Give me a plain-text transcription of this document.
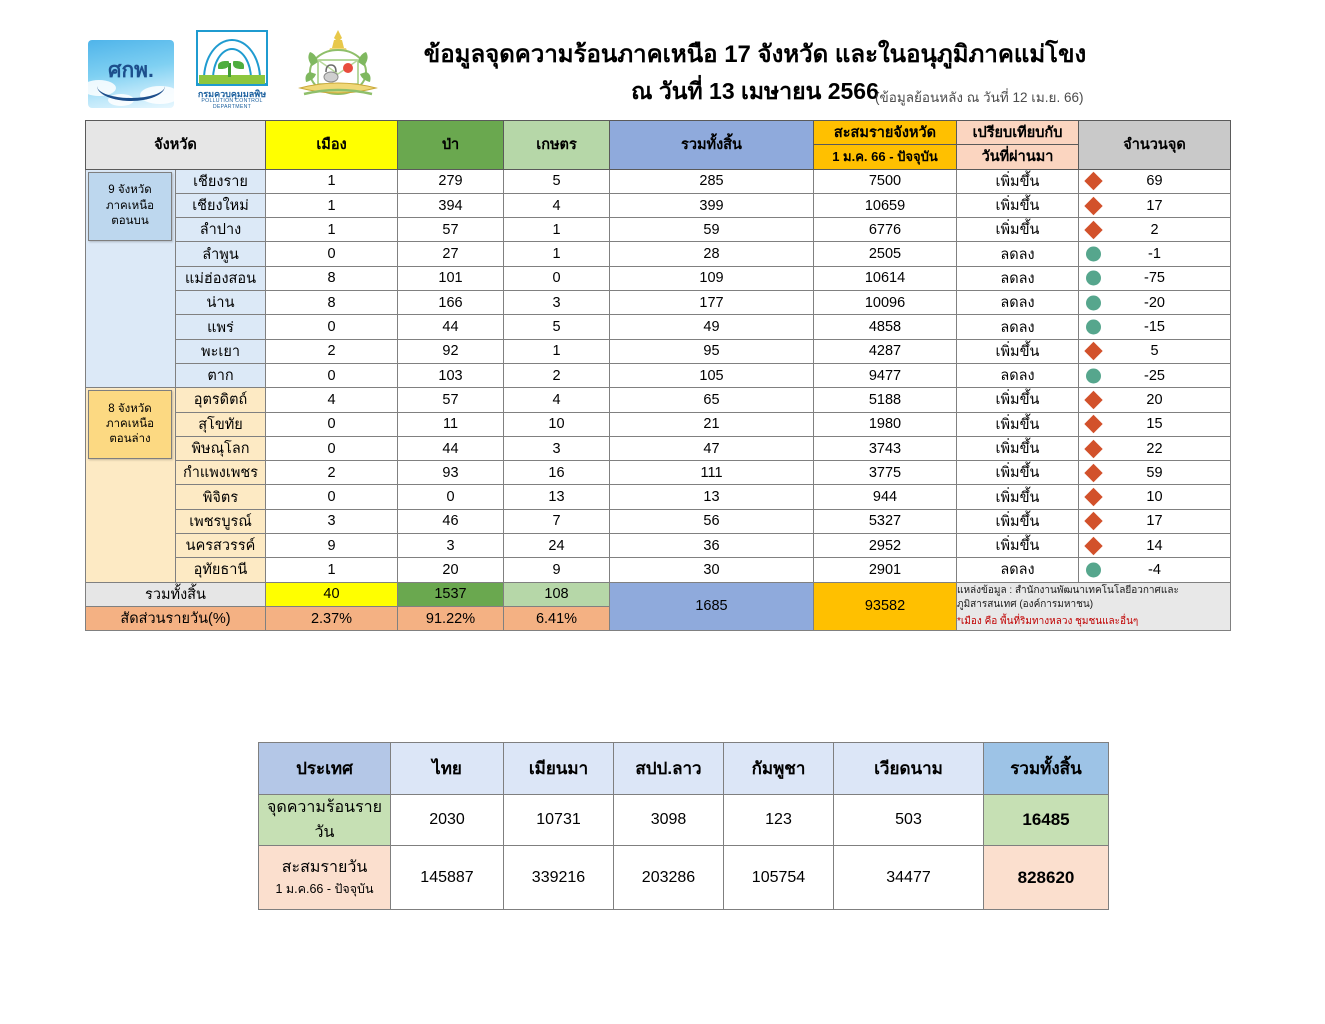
ศกพ.
กรมควบคุมมลพิษ
POLLUTION CONTROL DEPARTMENT
ข้อมูลจุดความร้อนภาคเหนือ 17 จังหวัด และในอนุภูมิภาคแม่โขง
ณ วันที่ 13 เมษายน 2566
(ข้อมูลย้อนหลัง ณ วันที่ 12 เม.ย. 66)
จังหวัด		เมือง	ป่า	เกษตร	รวมทั้งสิ้น	สะสมรายจังหวัด	เปรียบเทียบกับ	จำนวนจุด
						1 ม.ค. 66 - ปัจจุบัน	วันที่ผ่านมา	

9 จังหวัด
ภาคเหนือ
ตอนบน	เชียงราย	1	279	5	285	7500	เพิ่มขึ้น	69
	เชียงใหม่	1	394	4	399	10659	เพิ่มขึ้น	17
	ลำปาง	1	57	1	59	6776	เพิ่มขึ้น	2
	ลำพูน	0	27	1	28	2505	ลดลง	-1
	แม่ฮ่องสอน	8	101	0	109	10614	ลดลง	-75
	น่าน	8	166	3	177	10096	ลดลง	-20
	แพร่	0	44	5	49	4858	ลดลง	-15
	พะเยา	2	92	1	95	4287	เพิ่มขึ้น	5
	ตาก	0	103	2	105	9477	ลดลง	-25

8 จังหวัด
ภาคเหนือ
ตอนล่าง	อุตรดิตถ์	4	57	4	65	5188	เพิ่มขึ้น	20
	สุโขทัย	0	11	10	21	1980	เพิ่มขึ้น	15
	พิษณุโลก	0	44	3	47	3743	เพิ่มขึ้น	22
	กำแพงเพชร	2	93	16	111	3775	เพิ่มขึ้น	59
	พิจิตร	0	0	13	13	944	เพิ่มขึ้น	10
	เพชรบูรณ์	3	46	7	56	5327	เพิ่มขึ้น	17
	นครสวรรค์	9	3	24	36	2952	เพิ่มขึ้น	14
	อุทัยธานี	1	20	9	30	2901	ลดลง	-4
รวมทั้งสิ้น		40	1537	108	1685	93582	แหล่งข้อมูล : สำนักงานพัฒนาเทคโนโลยีอวกาศและ
ภูมิสารสนเทศ (องค์การมหาชน)
*เมือง คือ พื้นที่ริมทางหลวง ชุมชนและอื่นๆ	

สัดส่วนรายวัน(%)		2.37%	91.22%	6.41%				
ประเทศ	ไทย	เมียนมา	สปป.ลาว	กัมพูชา	เวียดนาม	รวมทั้งสิ้น
จุดความร้อนรายวัน	2030	10731	3098	123	503	16485

สะสมรายวัน
1 ม.ค.66 - ปัจจุบัน	145887	339216	203286	105754	34477	828620
